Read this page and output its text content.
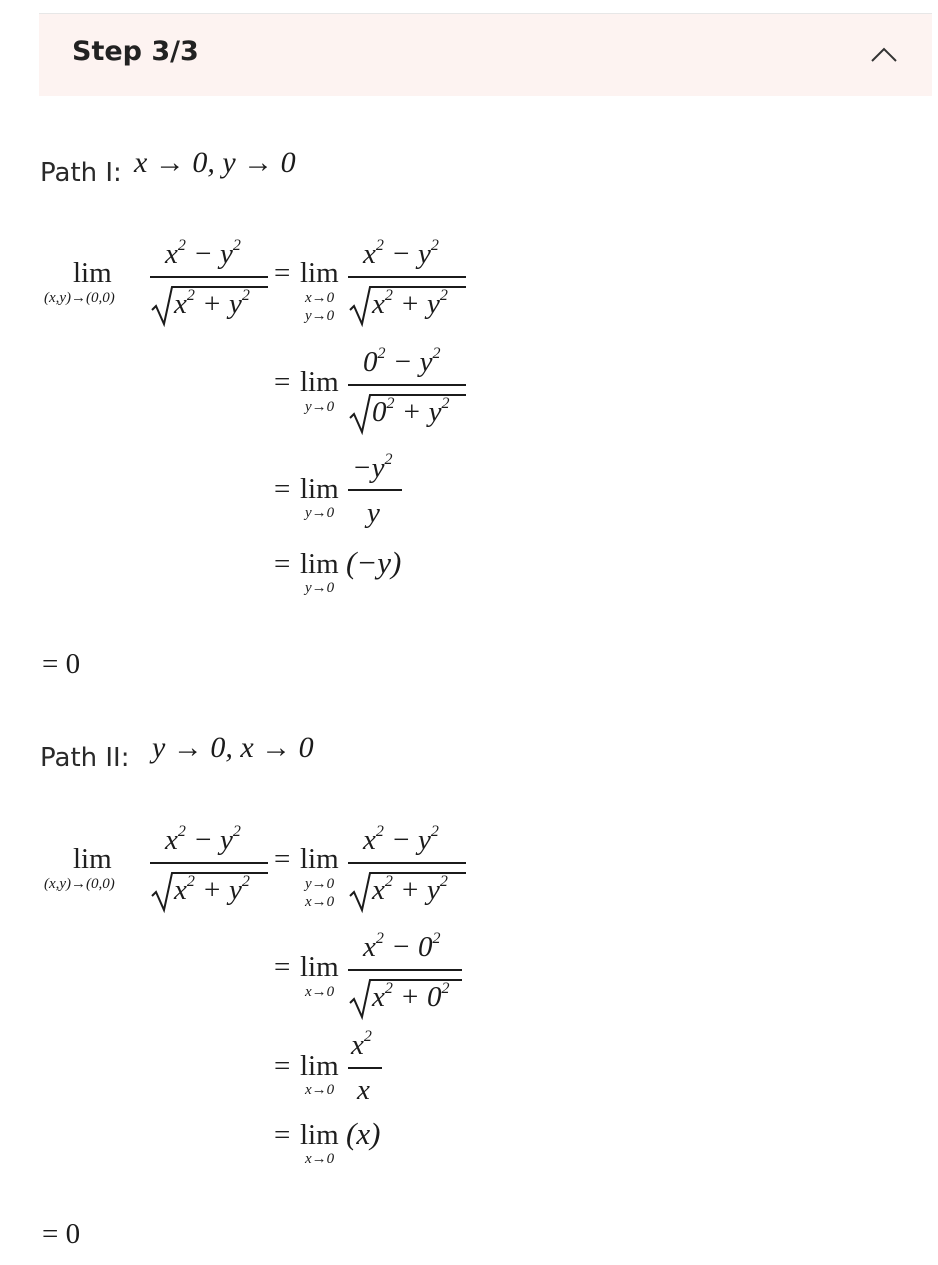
Step 3/3
Path I: x → 0, y → 0
lim
(x,y)→(0,0)
$x^2 - y^2$
$x^2 + y^2$
= lim
x→0
y→0
$x^2 - y^2$
$x^2 + y^2$
= lim
y→0
$0^2 - y^2$
$0^2 + y^2$
= lim
y→0
$-y^2$
y
= lim
y→0
(−y)
= 0
Path II: y → 0, x → 0
lim
(x,y)→(0,0)
$x^2 - y^2$
$x^2 + y^2$
= lim
y→0
x→0
$x^2 - y^2$
$x^2 + y^2$
= lim
x→0
$x^2 - 0^2$
$x^2 + 0^2$
= lim
x→0
$x^2$
x
= lim
x→0
(x)
= 0
